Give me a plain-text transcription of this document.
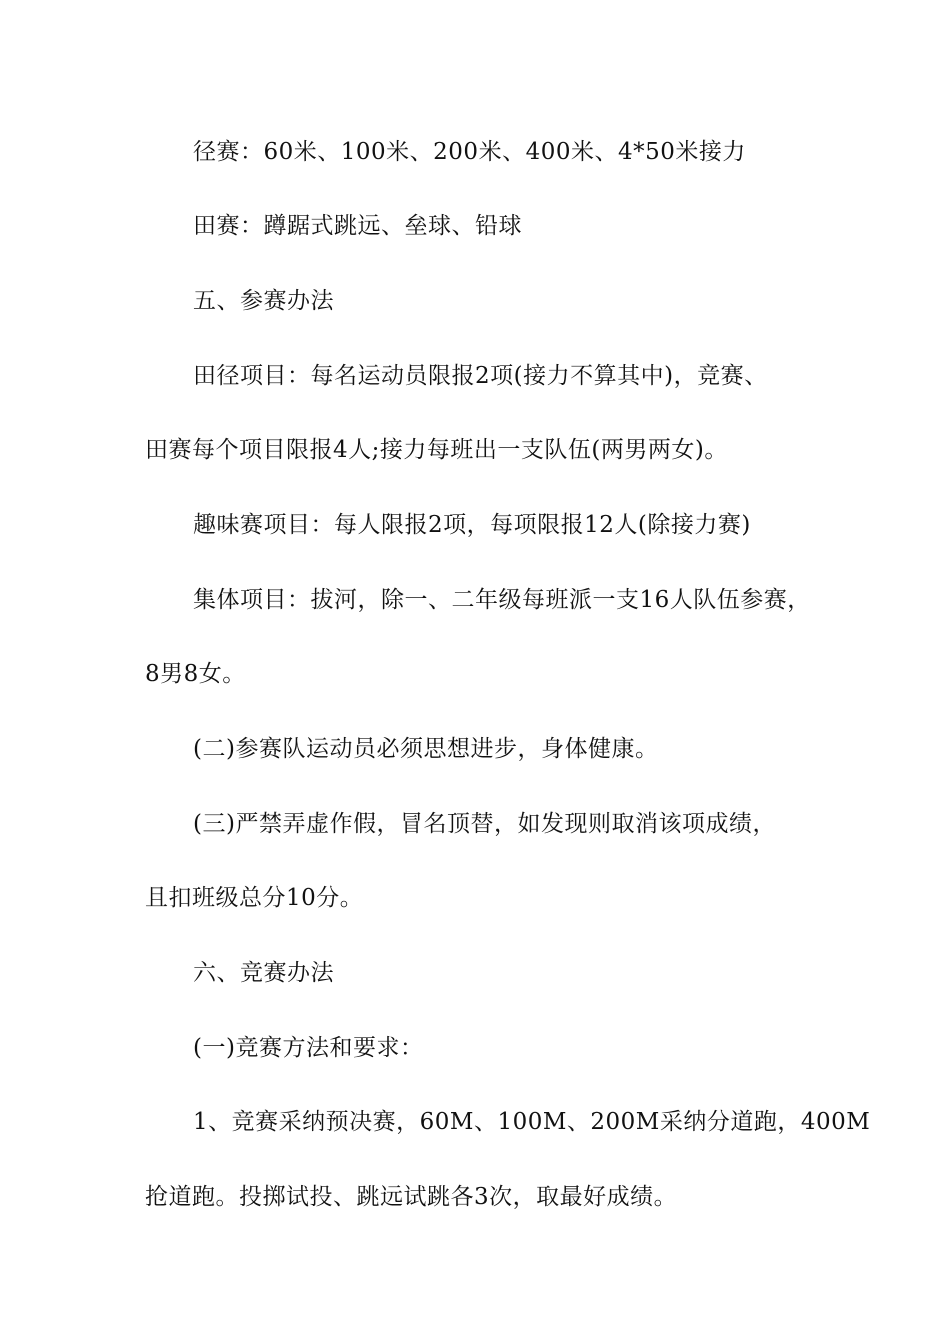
径赛：60米、100米、200米、400米、4*50米接力
田赛：蹲踞式跳远、垒球、铅球
五、参赛办法
田径项目：每名运动员限报2项(接力不算其中)，竞赛、
田赛每个项目限报4人;接力每班出一支队伍(两男两女)。
趣味赛项目：每人限报2项，每项限报12人(除接力赛)
集体项目：拔河，除一、二年级每班派一支16人队伍参赛，
8男8女。
(二)参赛队运动员必须思想进步，身体健康。
(三)严禁弄虚作假，冒名顶替，如发现则取消该项成绩，
且扣班级总分10分。
六、竞赛办法
(一)竞赛方法和要求：
1、竞赛采纳预决赛，60M、100M、200M采纳分道跑，400M
抢道跑。投掷试投、跳远试跳各3次，取最好成绩。
